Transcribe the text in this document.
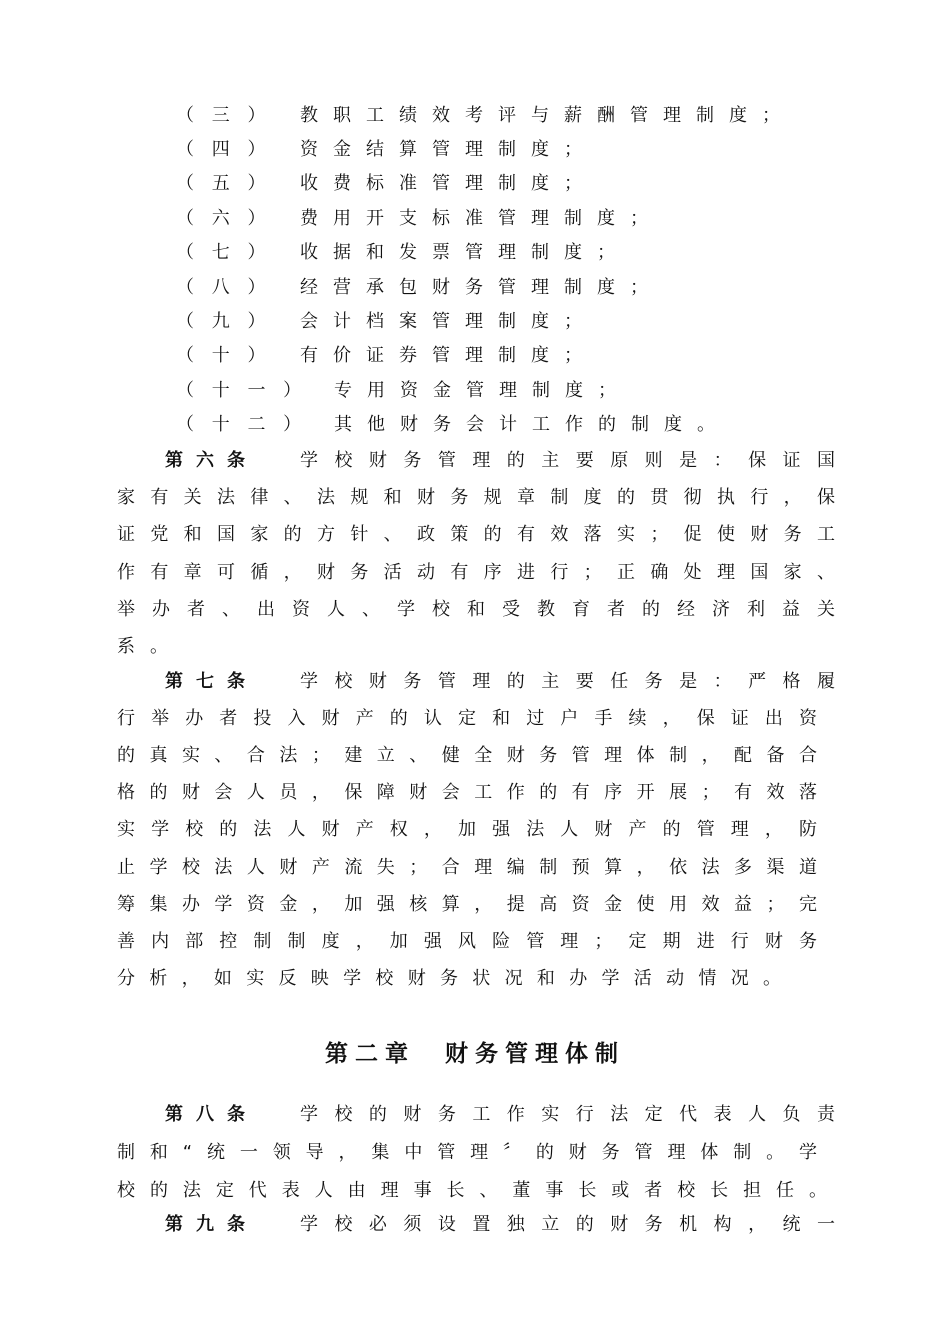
（ 三 ） 教职工绩效考评与薪酬管理制度；
（ 四 ） 资金结算管理制度；
（ 五 ） 收费标准管理制度；
（ 六 ） 费用开支标准管理制度；
（ 七 ） 收据和发票管理制度；
（ 八 ） 经营承包财务管理制度；
（ 九 ） 会计档案管理制度；
（ 十 ） 有价证券管理制度；
（ 十 一 ） 专用资金管理制度；
（ 十 二 ） 其他财务会计工作的制度。
第六条 学校财务管理的主要原则是：保证国
家有关法律、法规和财务规章制度的贯彻执行，保
证党和国家的方针、政策的有效落实；促使财务工
作有章可循，财务活动有序进行；正确处理国家、
举办者、出资人、学校和受教育者的经济利益关
系。
第七条 学校财务管理的主要任务是：严格履
行举办者投入财产的认定和过户手续，保证出资
的真实、合法；建立、健全财务管理体制，配备合
格的财会人员，保障财会工作的有序开展；有效落
实学校的法人财产权，加强法人财产的管理，防
止学校法人财产流失；合理编制预算，依法多渠道
筹集办学资金，加强核算，提高资金使用效益；完
善内部控制制度，加强风险管理；定期进行财务
分析，如实反映学校财务状况和办学活动情况。
第二章 财务管理体制
第八条 学校的财务工作实行法定代表人负责
制和“统一领导，集中管理〞的财务管理体制。学
校的法定代表人由理事长、董事长或者校长担任。
第九条 学校必须设置独立的财务机构，统一
